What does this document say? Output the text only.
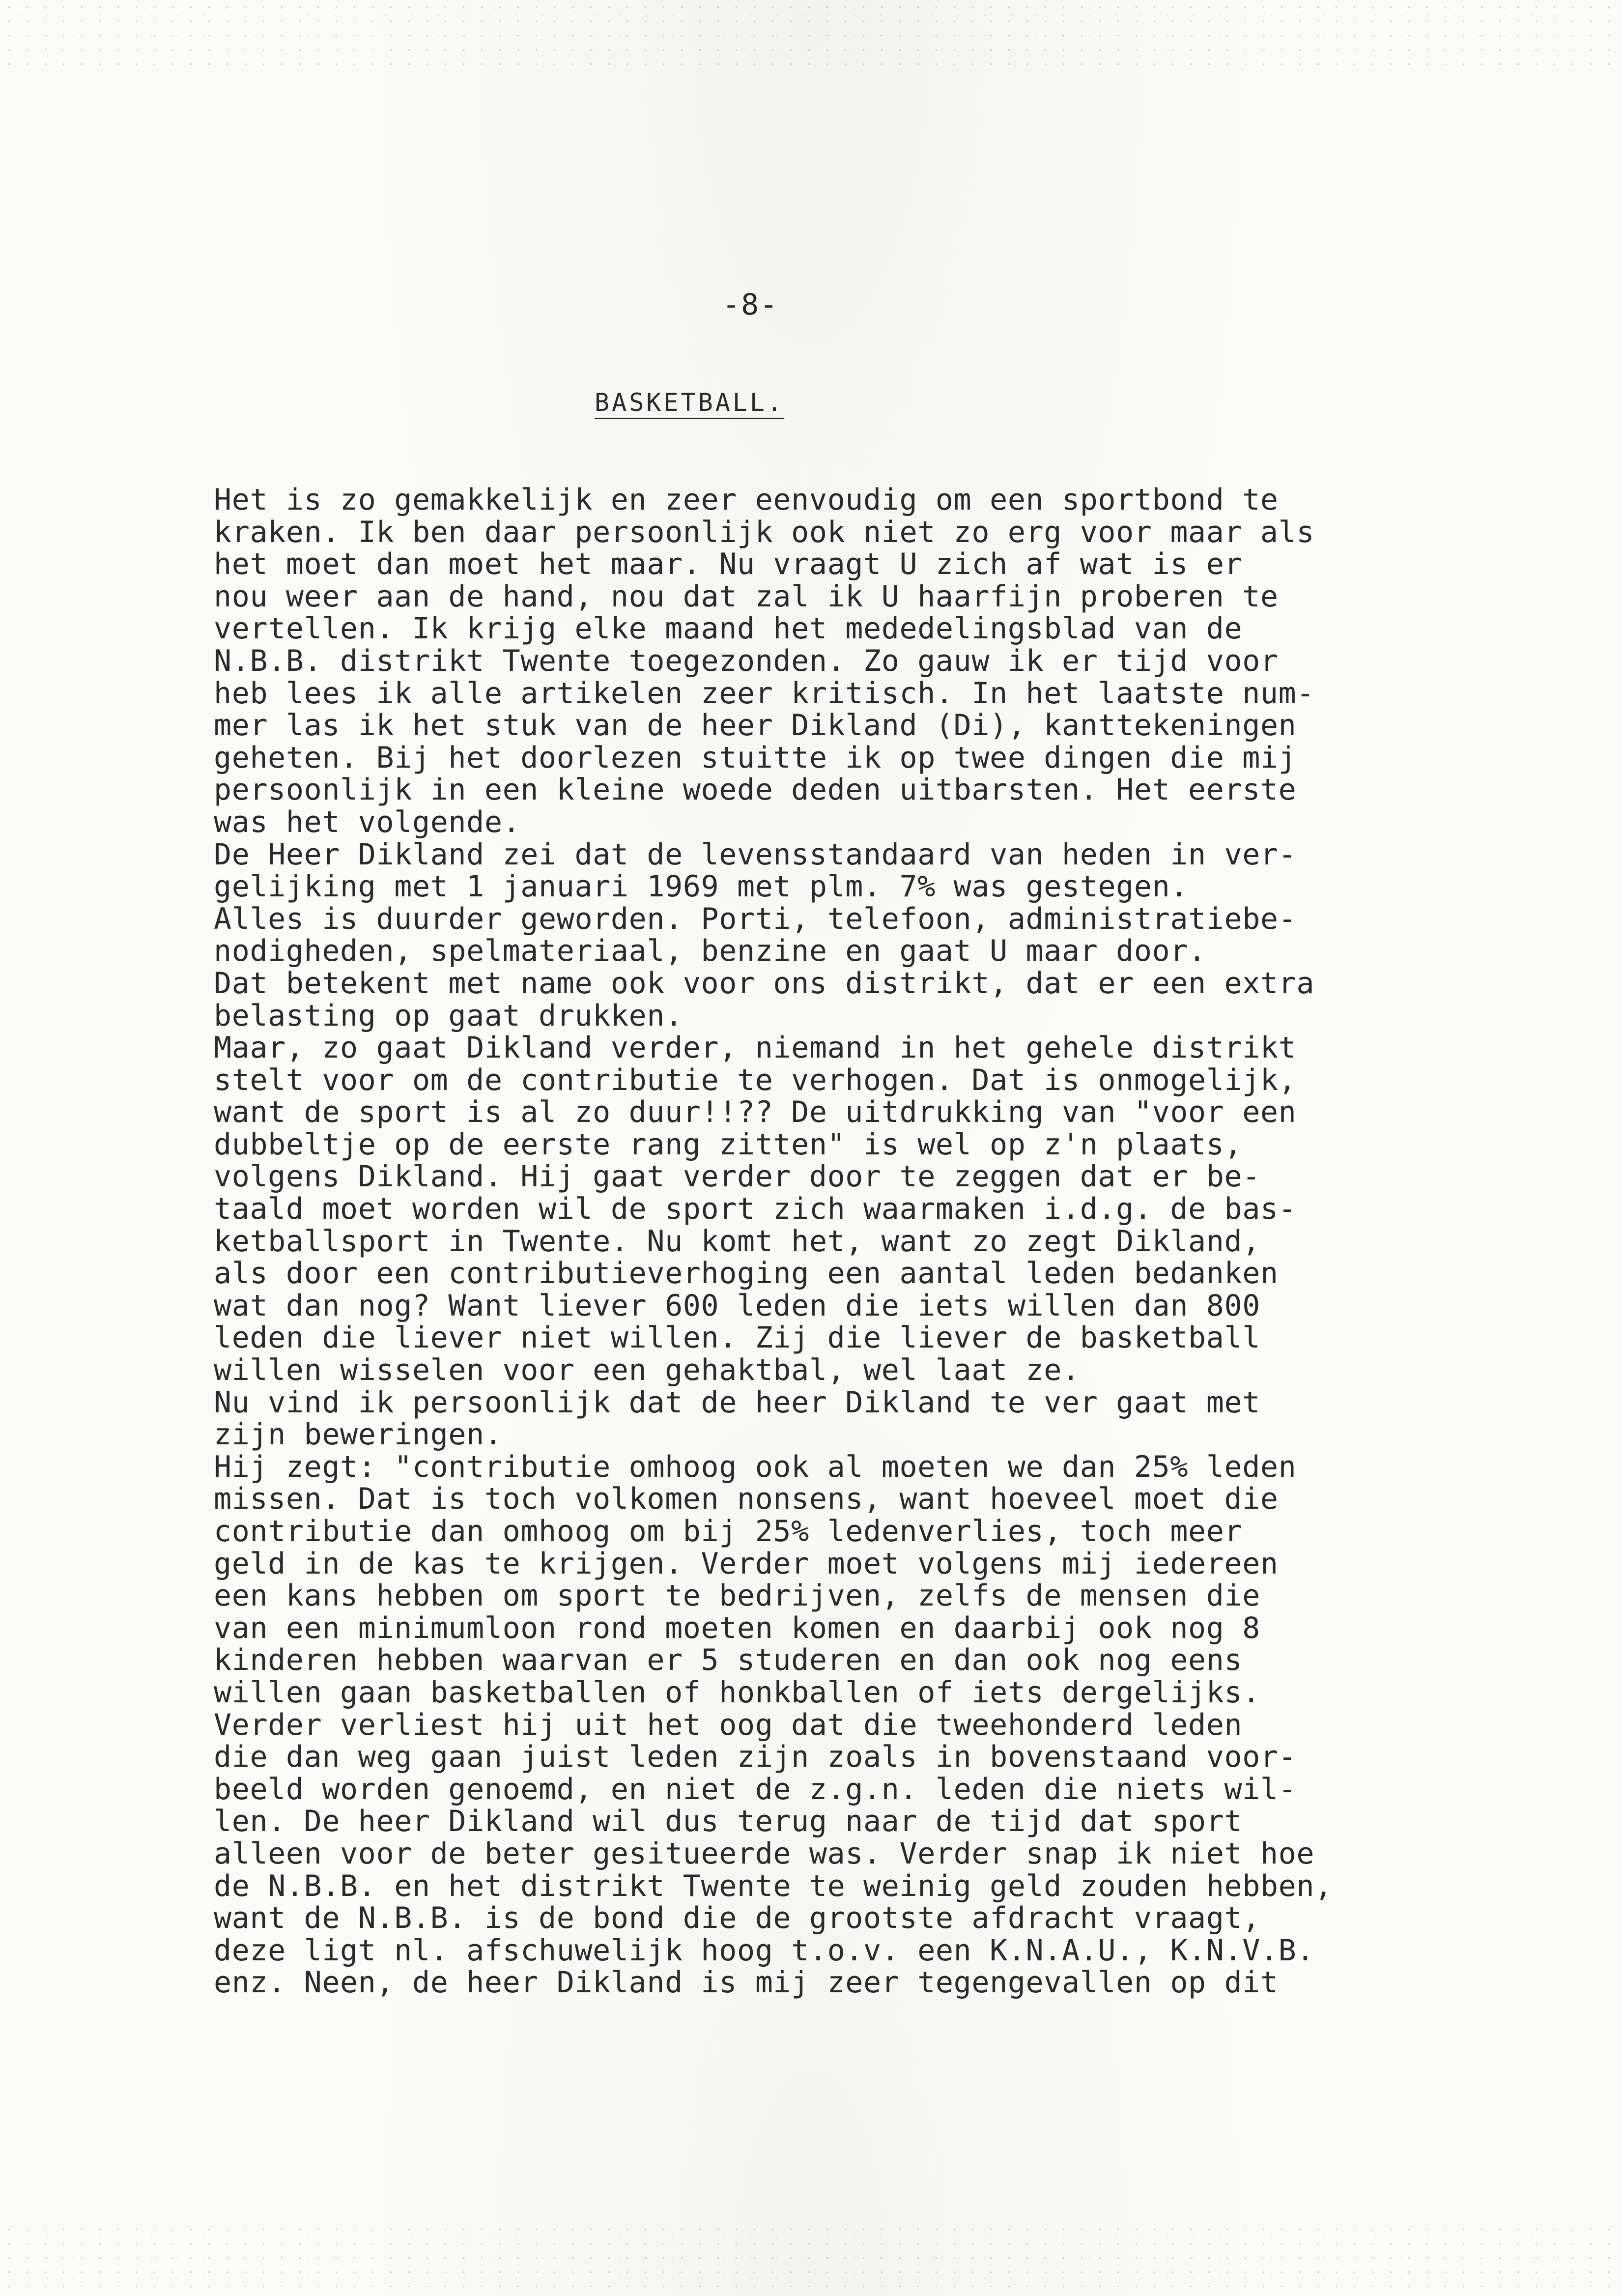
-8-
BASKETBALL.
Het is zo gemakkelijk en zeer eenvoudig om een sportbond te
kraken. Ik ben daar persoonlijk ook niet zo erg voor maar als
het moet dan moet het maar. Nu vraagt U zich af wat is er
nou weer aan de hand, nou dat zal ik U haarfijn proberen te
vertellen. Ik krijg elke maand het mededelingsblad van de
N.B.B. distrikt Twente toegezonden. Zo gauw ik er tijd voor
heb lees ik alle artikelen zeer kritisch. In het laatste num-
mer las ik het stuk van de heer Dikland (Di), kanttekeningen
geheten. Bij het doorlezen stuitte ik op twee dingen die mij
persoonlijk in een kleine woede deden uitbarsten. Het eerste
was het volgende.
De Heer Dikland zei dat de levensstandaard van heden in ver-
gelijking met 1 januari 1969 met plm. 7% was gestegen.
Alles is duurder geworden. Porti, telefoon, administratiebe-
nodigheden, spelmateriaal, benzine en gaat U maar door.
Dat betekent met name ook voor ons distrikt, dat er een extra
belasting op gaat drukken.
Maar, zo gaat Dikland verder, niemand in het gehele distrikt
stelt voor om de contributie te verhogen. Dat is onmogelijk,
want de sport is al zo duur!!?? De uitdrukking van "voor een
dubbeltje op de eerste rang zitten" is wel op z'n plaats,
volgens Dikland. Hij gaat verder door te zeggen dat er be-
taald moet worden wil de sport zich waarmaken i.d.g. de bas-
ketballsport in Twente. Nu komt het, want zo zegt Dikland,
als door een contributieverhoging een aantal leden bedanken
wat dan nog? Want liever 600 leden die iets willen dan 800
leden die liever niet willen. Zij die liever de basketball
willen wisselen voor een gehaktbal, wel laat ze.
Nu vind ik persoonlijk dat de heer Dikland te ver gaat met
zijn beweringen.
Hij zegt: "contributie omhoog ook al moeten we dan 25% leden
missen. Dat is toch volkomen nonsens, want hoeveel moet die
contributie dan omhoog om bij 25% ledenverlies, toch meer
geld in de kas te krijgen. Verder moet volgens mij iedereen
een kans hebben om sport te bedrijven, zelfs de mensen die
van een minimumloon rond moeten komen en daarbij ook nog 8
kinderen hebben waarvan er 5 studeren en dan ook nog eens
willen gaan basketballen of honkballen of iets dergelijks.
Verder verliest hij uit het oog dat die tweehonderd leden
die dan weg gaan juist leden zijn zoals in bovenstaand voor-
beeld worden genoemd, en niet de z.g.n. leden die niets wil-
len. De heer Dikland wil dus terug naar de tijd dat sport
alleen voor de beter gesitueerde was. Verder snap ik niet hoe
de N.B.B. en het distrikt Twente te weinig geld zouden hebben,
want de N.B.B. is de bond die de grootste afdracht vraagt,
deze ligt nl. afschuwelijk hoog t.o.v. een K.N.A.U., K.N.V.B.
enz. Neen, de heer Dikland is mij zeer tegengevallen op dit
